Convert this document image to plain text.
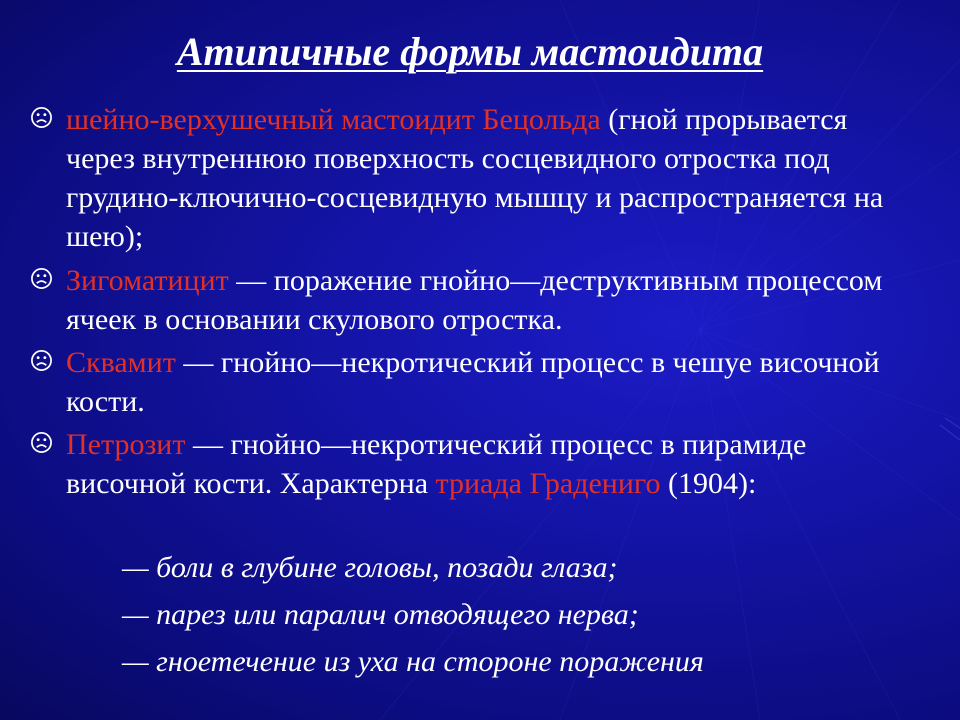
Атипичные формы мастоидита
шейно-верхушечный мастоидит Бецольда (гной прорывается через внутреннюю поверхность сосцевидного отростка под грудино-ключично-сосцевидную мышцу и распространяется на шею);
Зигоматицит — поражение гнойно—деструктивным процессом ячеек в основании скулового отростка.
Сквамит — гнойно—некротический процесс в чешуе височной кости.
Петрозит — гнойно—некротический процесс в пирамиде височной кости. Характерна триада Градениго (1904):
— боли в глубине головы, позади глаза;
— парез или паралич отводящего нерва;
— гноетечение из уха на стороне поражения
